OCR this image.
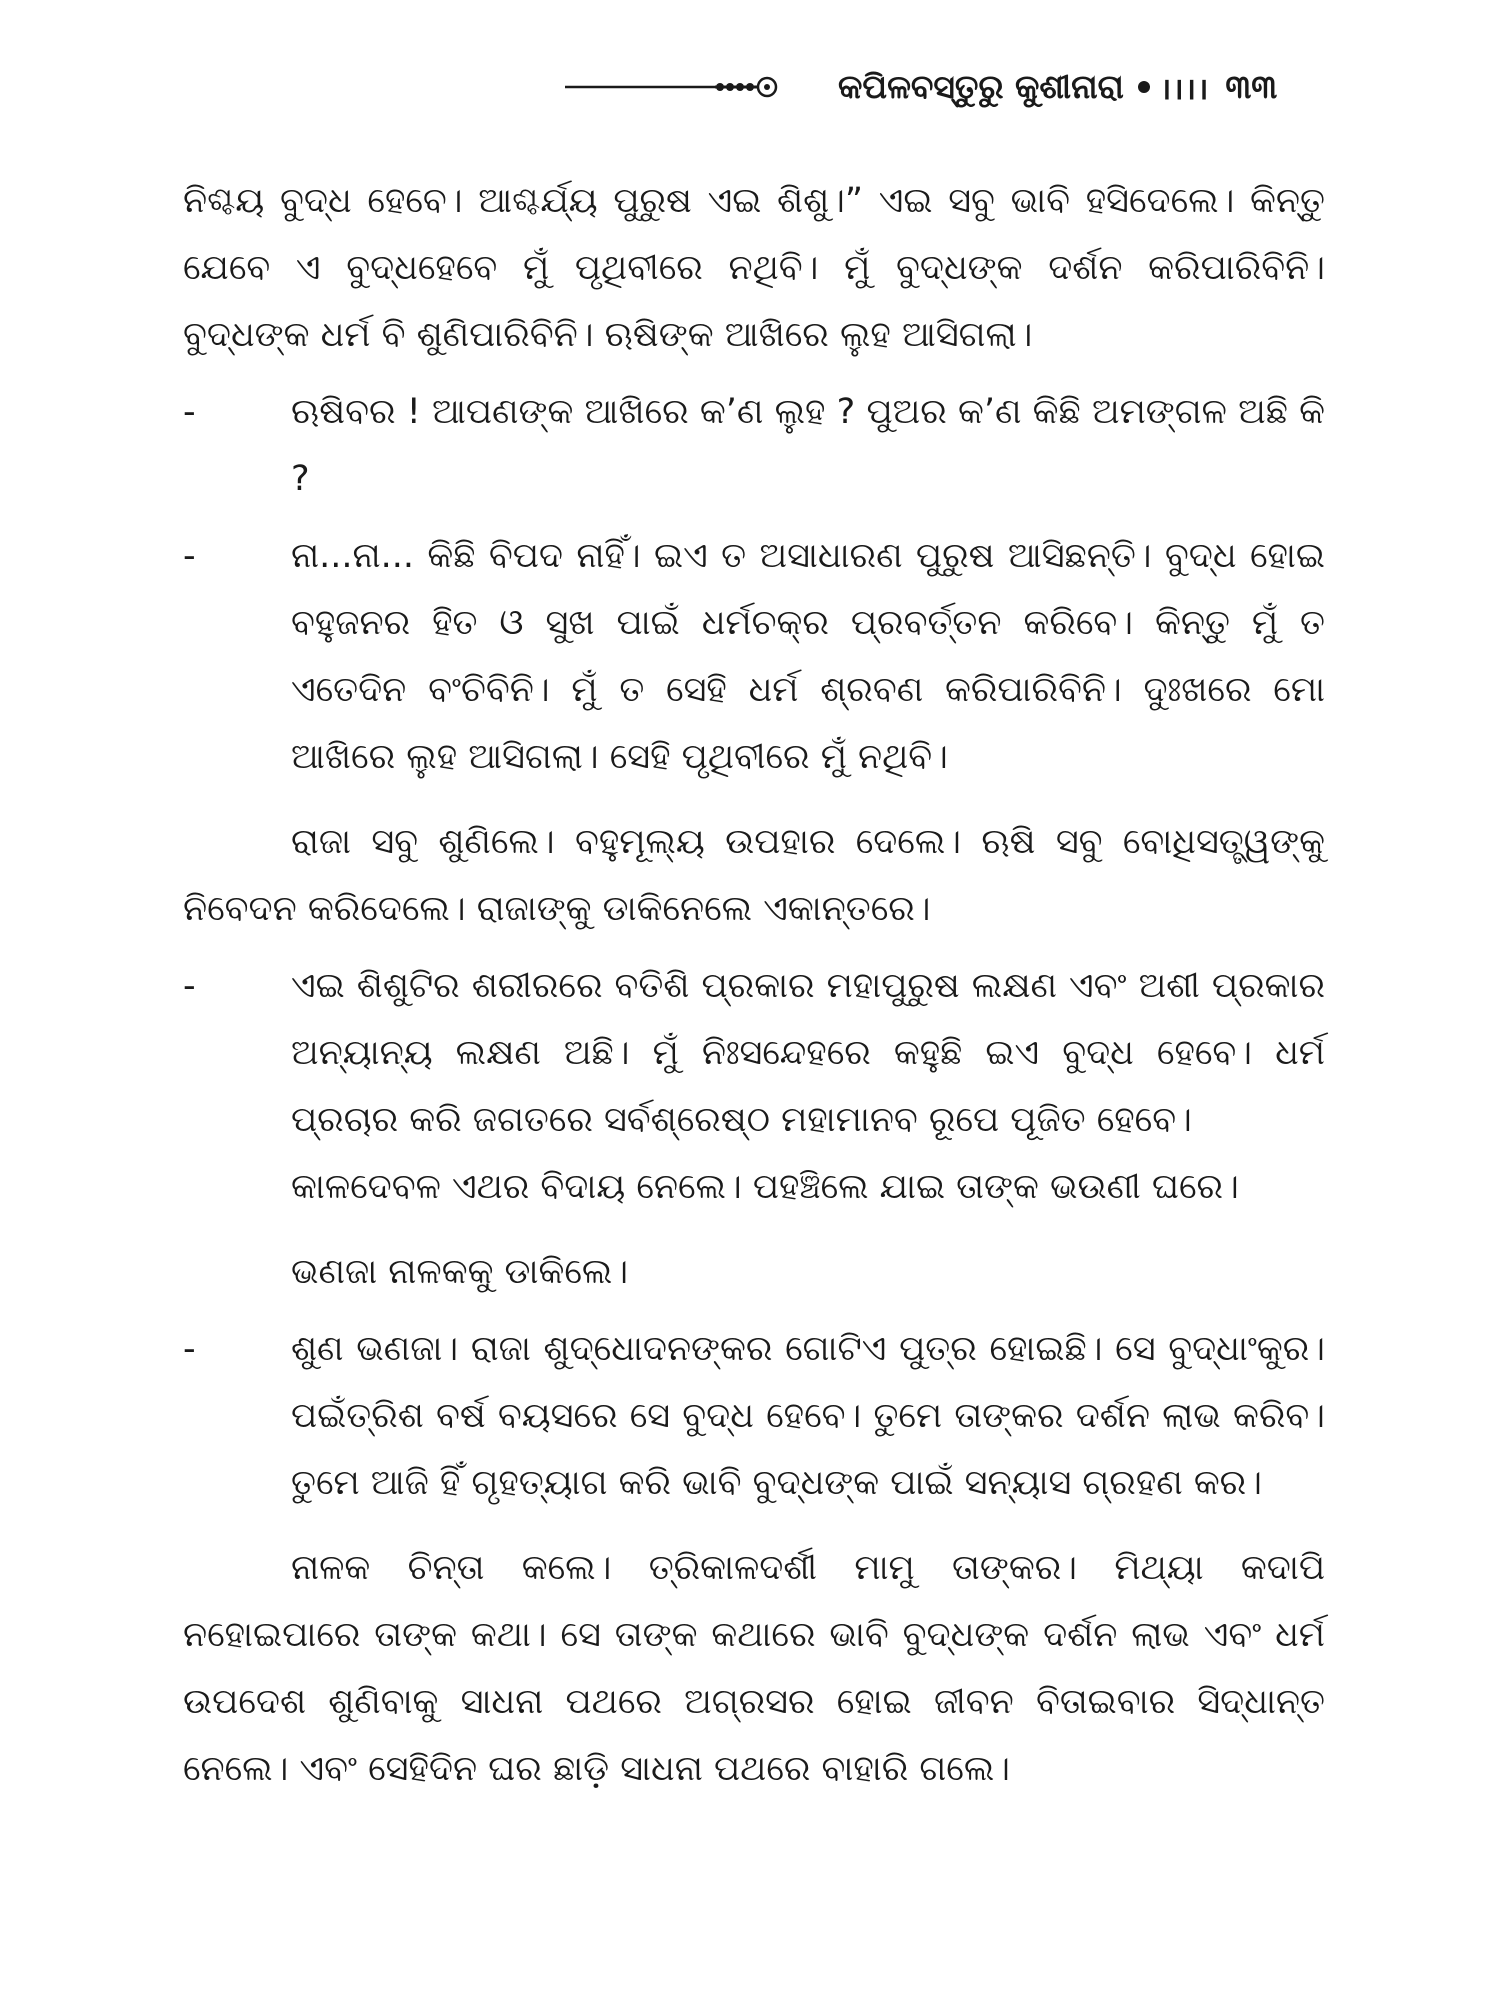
କପିଳବସ୍ତୁରୁ କୁଶୀନାରା ।।।। ୩୩

ନିଶ୍ଚୟ ବୁଦ୍ଧ ହେବେ। ଆଶ୍ଚର୍ଯ୍ୟ ପୁରୁଷ ଏଇ ଶିଶୁ।” ଏଇ ସବୁ ଭାବି ହସିଦେଲେ। କିନ୍ତୁ ଯେବେ ଏ ବୁଦ୍ଧହେବେ ମୁଁ ପୃଥିବୀରେ ନଥିବି। ମୁଁ ବୁଦ୍ଧଙ୍କ ଦର୍ଶନ କରିପାରିବିନି। ବୁଦ୍ଧଙ୍କ ଧର୍ମ ବି ଶୁଣିପାରିବିନି। ଋଷିଙ୍କ ଆଖିରେ ଲୁହ ଆସିଗଲା।

-	ଋଷିବର ! ଆପଣଙ୍କ ଆଖିରେ କ’ଣ ଲୁହ ? ପୁଅର କ’ଣ କିଛି ଅମଙ୍ଗଳ ଅଛି କି ?
-	ନା...ନା... କିଛି ବିପଦ ନାହିଁ। ଇଏ ତ ଅସାଧାରଣ ପୁରୁଷ ଆସିଛନ୍ତି। ବୁଦ୍ଧ ହୋଇ ବହୁଜନର ହିତ ଓ ସୁଖ ପାଇଁ ଧର୍ମଚକ୍ର ପ୍ରବର୍ତ୍ତନ କରିବେ। କିନ୍ତୁ ମୁଁ ତ ଏତେଦିନ ବଂଚିବିନି। ମୁଁ ତ ସେହି ଧର୍ମ ଶ୍ରବଣ କରିପାରିବିନି। ଦୁଃଖରେ ମୋ ଆଖିରେ ଲୁହ ଆସିଗଲା। ସେହି ପୃଥିବୀରେ ମୁଁ ନଥିବି।

ରାଜା ସବୁ ଶୁଣିଲେ। ବହୁମୂଲ୍ୟ ଉପହାର ଦେଲେ। ଋଷି ସବୁ ବୋଧିସତ୍ତ୍ୱଙ୍କୁ ନିବେଦନ କରିଦେଲେ। ରାଜାଙ୍କୁ ଡାକିନେଲେ ଏକାନ୍ତରେ।

-	ଏଇ ଶିଶୁଟିର ଶରୀରରେ ବତିଶି ପ୍ରକାର ମହାପୁରୁଷ ଲକ୍ଷଣ ଏବଂ ଅଶୀ ପ୍ରକାର ଅନ୍ୟାନ୍ୟ ଲକ୍ଷଣ ଅଛି। ମୁଁ ନିଃସନ୍ଦେହରେ କହୁଛି ଇଏ ବୁଦ୍ଧ ହେବେ। ଧର୍ମ ପ୍ରଚାର କରି ଜଗତରେ ସର୍ବଶ୍ରେଷ୍ଠ ମହାମାନବ ରୂପେ ପୂଜିତ ହେବେ।

କାଳଦେବଳ ଏଥର ବିଦାୟ ନେଲେ। ପହଞ୍ଚିଲେ ଯାଇ ତାଙ୍କ ଭଉଣୀ ଘରେ।

ଭଣଜା ନାଳକକୁ ଡାକିଲେ।

-	ଶୁଣ ଭଣଜା। ରାଜା ଶୁଦ୍ଧୋଦନଙ୍କର ଗୋଟିଏ ପୁତ୍ର ହୋଇଛି। ସେ ବୁଦ୍ଧାଂକୁର। ପଇଁତ୍ରିଶ ବର୍ଷ ବୟସରେ ସେ ବୁଦ୍ଧ ହେବେ। ତୁମେ ତାଙ୍କର ଦର୍ଶନ ଲାଭ କରିବ। ତୁମେ ଆଜି ହିଁ ଗୃହତ୍ୟାଗ କରି ଭାବି ବୁଦ୍ଧଙ୍କ ପାଇଁ ସନ୍ୟାସ ଗ୍ରହଣ କର।

ନାଳକ ଚିନ୍ତା କଲେ। ତ୍ରିକାଳଦର୍ଶୀ ମାମୁ ତାଙ୍କର। ମିଥ୍ୟା କଦାପି ନହୋଇପାରେ ତାଙ୍କ କଥା। ସେ ତାଙ୍କ କଥାରେ ଭାବି ବୁଦ୍ଧଙ୍କ ଦର୍ଶନ ଲାଭ ଏବଂ ଧର୍ମ ଉପଦେଶ ଶୁଣିବାକୁ ସାଧନା ପଥରେ ଅଗ୍ରସର ହୋଇ ଜୀବନ ବିତାଇବାର ସିଦ୍ଧାନ୍ତ ନେଲେ। ଏବଂ ସେହିଦିନ ଘର ଛାଡ଼ି ସାଧନା ପଥରେ ବାହାରି ଗଲେ।
